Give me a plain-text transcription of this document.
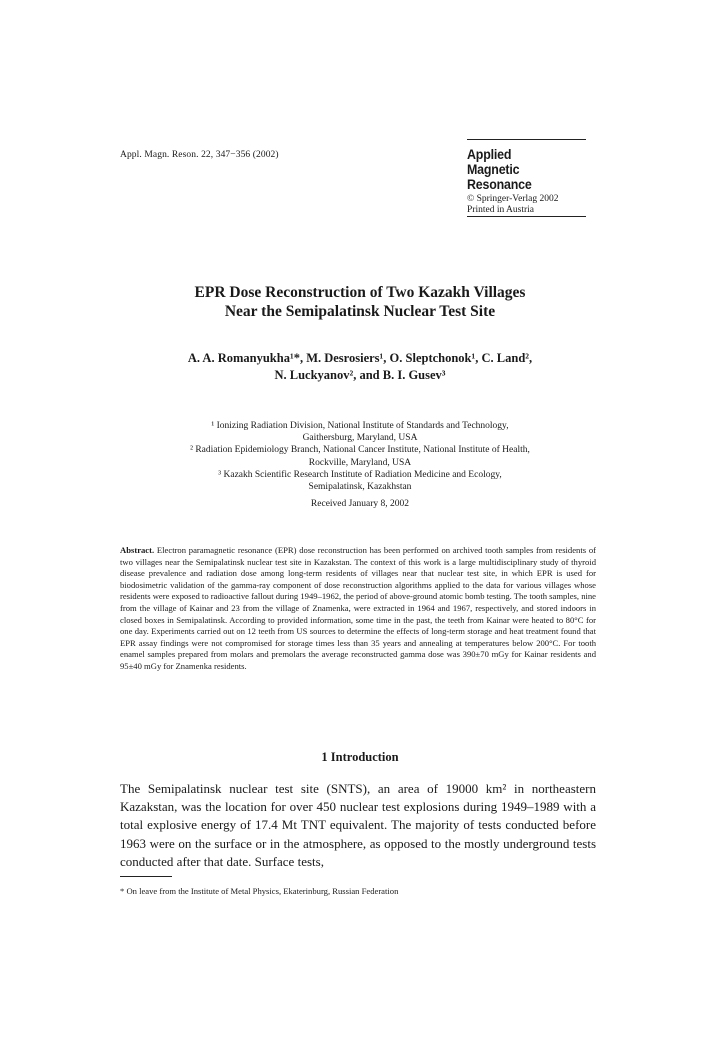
Appl. Magn. Reson. 22, 347−356 (2002)	Applied
Magnetic Resonance
© Springer-Verlag 2002
Printed in Austria
EPR Dose Reconstruction of Two Kazakh Villages
Near the Semipalatinsk Nuclear Test Site
A. A. Romanyukha¹*, M. Desrosiers¹, O. Sleptchonok¹, C. Land²,
N. Luckyanov², and B. I. Gusev³
¹ Ionizing Radiation Division, National Institute of Standards and Technology,
Gaithersburg, Maryland, USA
² Radiation Epidemiology Branch, National Cancer Institute, National Institute of Health,
Rockville, Maryland, USA
³ Kazakh Scientific Research Institute of Radiation Medicine and Ecology,
Semipalatinsk, Kazakhstan
Received January 8, 2002
Abstract. Electron paramagnetic resonance (EPR) dose reconstruction has been performed on archived tooth samples from residents of two villages near the Semipalatinsk nuclear test site in Kazakstan. The context of this work is a large multidisciplinary study of thyroid disease prevalence and radiation dose among long-term residents of villages near that nuclear test site, in which EPR is used for biodosimetric validation of the gamma-ray component of dose reconstruction algorithms applied to the data for various villages whose residents were exposed to radioactive fallout during 1949–1962, the period of above-ground atomic bomb testing. The tooth samples, nine from the village of Kainar and 23 from the village of Znamenka, were extracted in 1964 and 1967, respectively, and stored indoors in closed boxes in Semipalatinsk. According to provided information, some time in the past, the teeth from Kainar were heated to 80°C for one day. Experiments carried out on 12 teeth from US sources to determine the effects of long-term storage and heat treatment found that EPR assay findings were not compromised for storage times less than 35 years and annealing at temperatures below 200°C. For tooth enamel samples prepared from molars and premolars the average reconstructed gamma dose was 390±70 mGy for Kainar residents and 95±40 mGy for Znamenka residents.
1 Introduction
The Semipalatinsk nuclear test site (SNTS), an area of 19000 km² in northeastern Kazakstan, was the location for over 450 nuclear test explosions during 1949–1989 with a total explosive energy of 17.4 Mt TNT equivalent. The majority of tests conducted before 1963 were on the surface or in the atmosphere, as opposed to the mostly underground tests conducted after that date. Surface tests,
* On leave from the Institute of Metal Physics, Ekaterinburg, Russian Federation
